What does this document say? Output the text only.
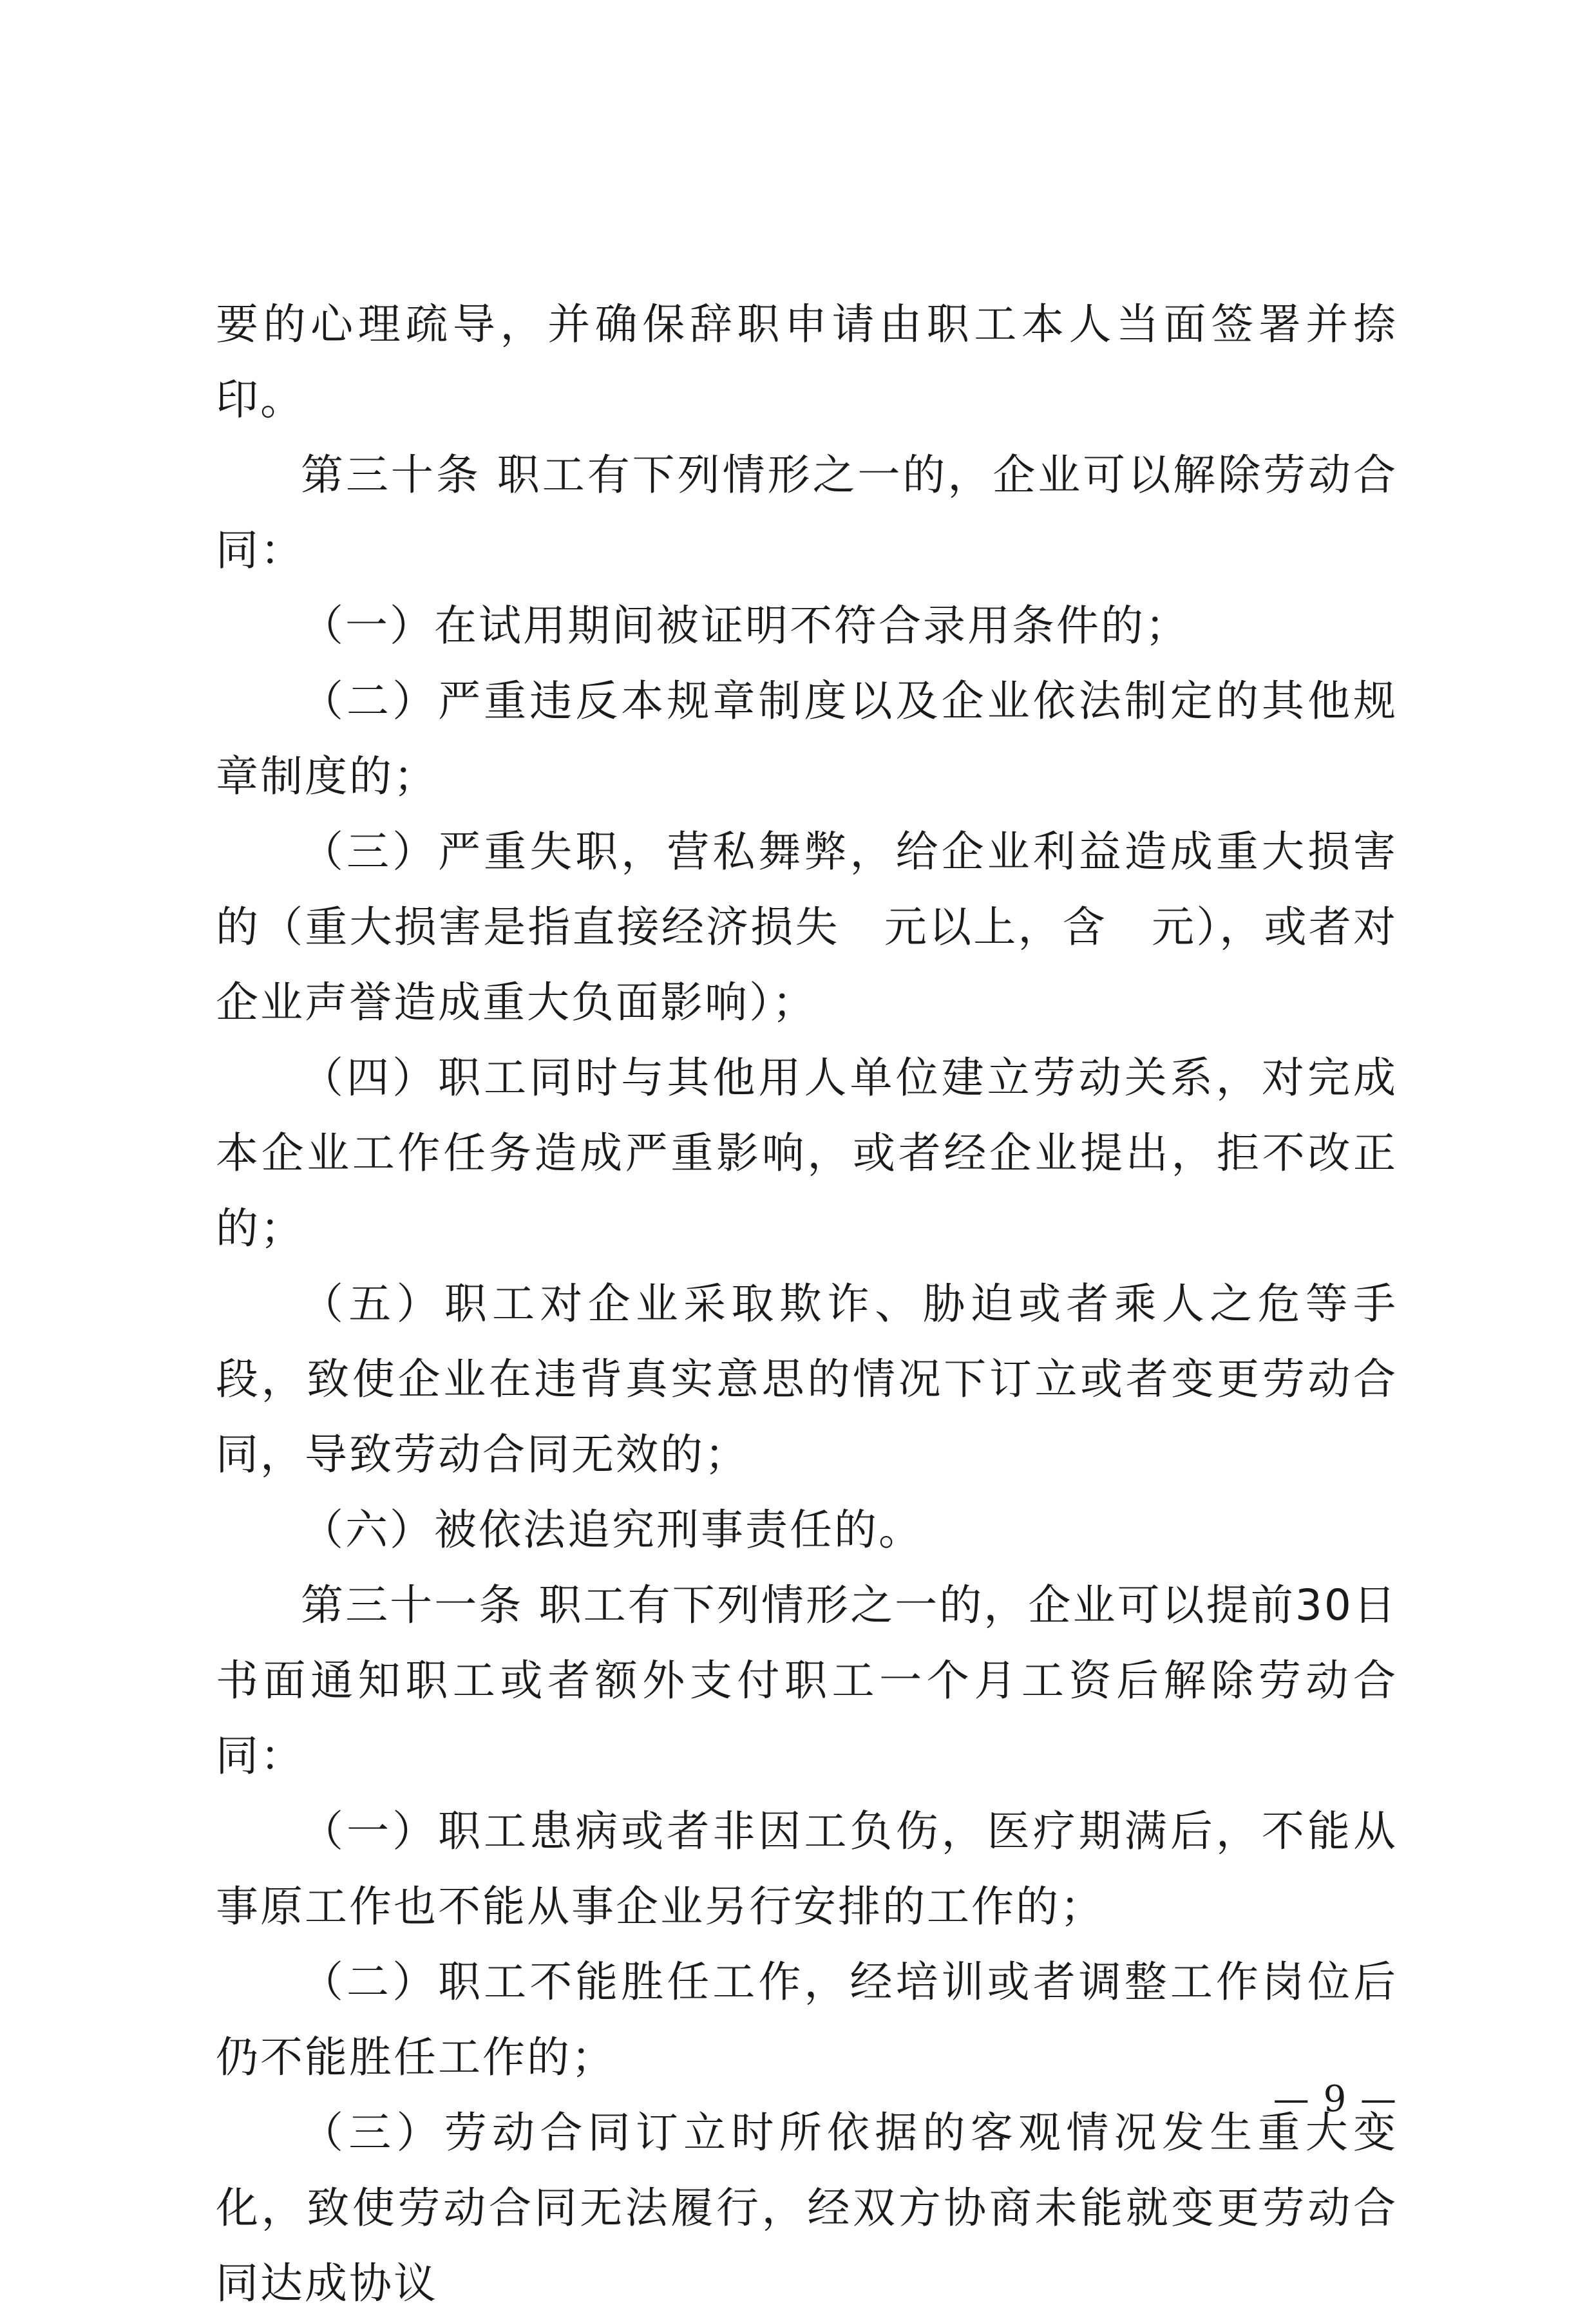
要的心理疏导，并确保辞职申请由职工本人当面签署并捺印。

第三十条 职工有下列情形之一的，企业可以解除劳动合同：

（一）在试用期间被证明不符合录用条件的；

（二）严重违反本规章制度以及企业依法制定的其他规章制度的；

（三）严重失职，营私舞弊，给企业利益造成重大损害的（重大损害是指直接经济损失　元以上，含　元），或者对企业声誉造成重大负面影响）；

（四）职工同时与其他用人单位建立劳动关系，对完成本企业工作任务造成严重影响，或者经企业提出，拒不改正的；

（五）职工对企业采取欺诈、胁迫或者乘人之危等手段，致使企业在违背真实意思的情况下订立或者变更劳动合同，导致劳动合同无效的；

（六）被依法追究刑事责任的。

第三十一条 职工有下列情形之一的，企业可以提前30日书面通知职工或者额外支付职工一个月工资后解除劳动合同：

（一）职工患病或者非因工负伤，医疗期满后，不能从事原工作也不能从事企业另行安排的工作的；

（二）职工不能胜任工作，经培训或者调整工作岗位后仍不能胜任工作的；

（三）劳动合同订立时所依据的客观情况发生重大变化，致使劳动合同无法履行，经双方协商未能就变更劳动合同达成协议

— 9 —
